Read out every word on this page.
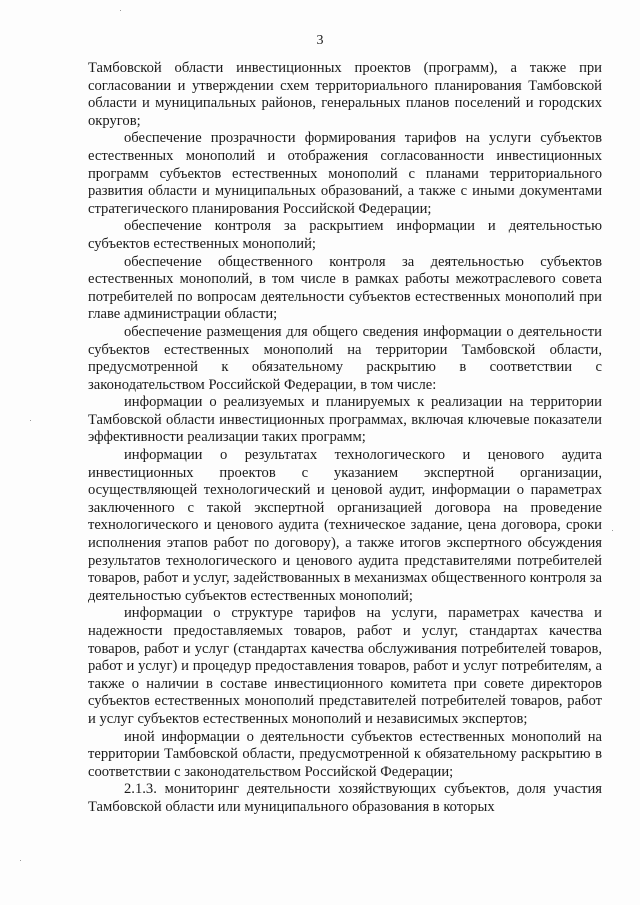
3

Тамбовской области инвестиционных проектов (программ), а также при согласовании и утверждении схем территориального планирования Тамбовской области и муниципальных районов, генеральных планов поселений и городских округов;

обеспечение прозрачности формирования тарифов на услуги субъектов естественных монополий и отображения согласованности инвестиционных программ субъектов естественных монополий с планами территориального развития области и муниципальных образований, а также с иными документами стратегического планирования Российской Федерации;

обеспечение контроля за раскрытием информации и деятельностью субъектов естественных монополий;

обеспечение общественного контроля за деятельностью субъектов естественных монополий, в том числе в рамках работы межотраслевого совета потребителей по вопросам деятельности субъектов естественных монополий при главе администрации области;

обеспечение размещения для общего сведения информации о деятельности субъектов естественных монополий на территории Тамбовской области, предусмотренной к обязательному раскрытию в соответствии с законодательством Российской Федерации, в том числе:

информации о реализуемых и планируемых к реализации на территории Тамбовской области инвестиционных программах, включая ключевые показатели эффективности реализации таких программ;

информации о результатах технологического и ценового аудита инвестиционных проектов с указанием экспертной организации, осуществляющей технологический и ценовой аудит, информации о параметрах заключенного с такой экспертной организацией договора на проведение технологического и ценового аудита (техническое задание, цена договора, сроки исполнения этапов работ по договору), а также итогов экспертного обсуждения результатов технологического и ценового аудита представителями потребителей товаров, работ и услуг, задействованных в механизмах общественного контроля за деятельностью субъектов естественных монополий;

информации о структуре тарифов на услуги, параметрах качества и надежности предоставляемых товаров, работ и услуг, стандартах качества товаров, работ и услуг (стандартах качества обслуживания потребителей товаров, работ и услуг) и процедур предоставления товаров, работ и услуг потребителям, а также о наличии в составе инвестиционного комитета при совете директоров субъектов естественных монополий представителей потребителей товаров, работ и услуг субъектов естественных монополий и независимых экспертов;

иной информации о деятельности субъектов естественных монополий на территории Тамбовской области, предусмотренной к обязательному раскрытию в соответствии с законодательством Российской Федерации;

2.1.3. мониторинг деятельности хозяйствующих субъектов, доля участия Тамбовской области или муниципального образования в которых
